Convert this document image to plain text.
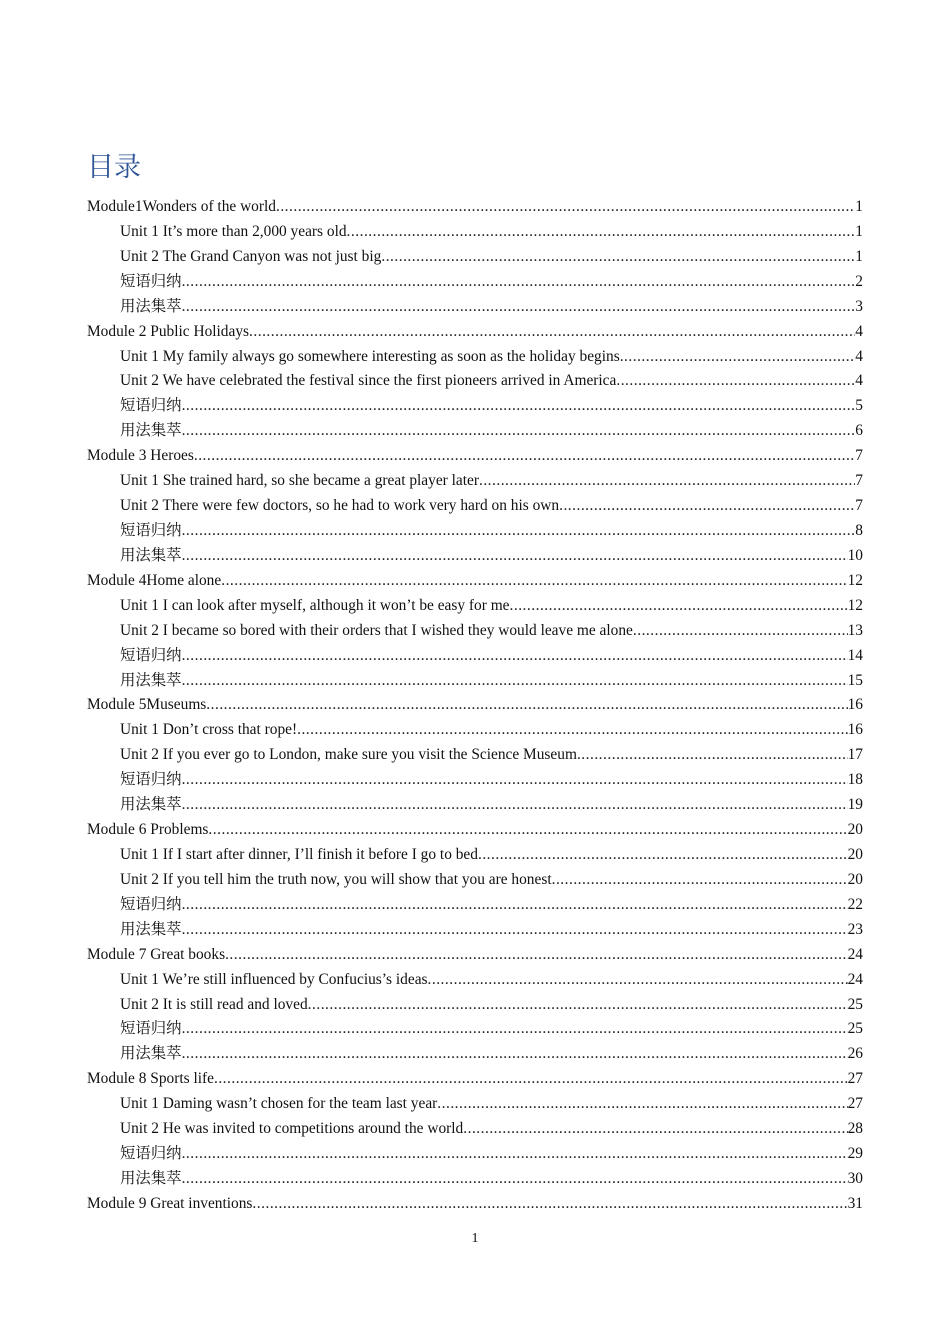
目录
Module1Wonders of the world .....	1
Unit 1 It’s more than 2,000 years old .....	1
Unit 2 The Grand Canyon was not just big .....	1
短语归纳 .....	2
用法集萃 .....	3
Module 2 Public Holidays .....	4
Unit 1 My family always go somewhere interesting as soon as the holiday begins .....	4
Unit 2 We have celebrated the festival since the first pioneers arrived in America .....	4
短语归纳 .....	5
用法集萃 .....	6
Module 3 Heroes .....	7
Unit 1 She trained hard, so she became a great player later .....	7
Unit 2 There were few doctors, so he had to work very hard on his own .....	7
短语归纳 .....	8
用法集萃 .....	10
Module 4Home alone .....	12
Unit 1 I can look after myself, although it won’t be easy for me .....	12
Unit 2 I became so bored with their orders that I wished they would leave me alone .....	13
短语归纳 .....	14
用法集萃 .....	15
Module 5Museums .....	16
Unit 1 Don’t cross that rope! .....	16
Unit 2 If you ever go to London, make sure you visit the Science Museum .....	17
短语归纳 .....	18
用法集萃 .....	19
Module 6 Problems .....	20
Unit 1 If I start after dinner, I’ll finish it before I go to bed .....	20
Unit 2 If you tell him the truth now, you will show that you are honest .....	20
短语归纳 .....	22
用法集萃 .....	23
Module 7 Great books .....	24
Unit 1 We’re still influenced by Confucius’s ideas .....	24
Unit 2 It is still read and loved .....	25
短语归纳 .....	25
用法集萃 .....	26
Module 8 Sports life .....	27
Unit 1 Daming wasn’t chosen for the team last year .....	27
Unit 2 He was invited to competitions around the world .....	28
短语归纳 .....	29
用法集萃 .....	30
Module 9 Great inventions .....	31
1
